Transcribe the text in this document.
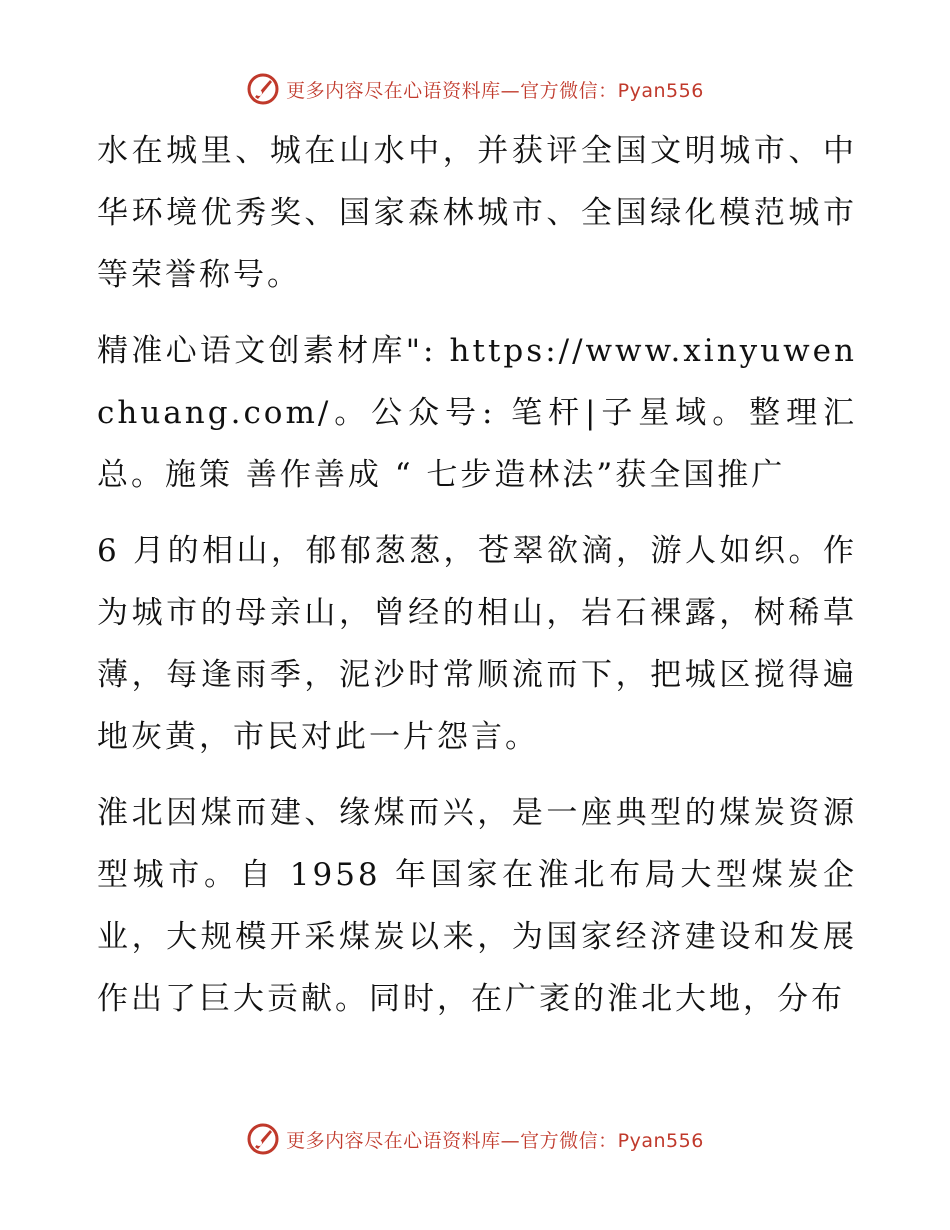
更多内容尽在心语资料库—官方微信：Pyan556

水在城里、城在山水中，并获评全国文明城市、中华环境优秀奖、国家森林城市、全国绿化模范城市等荣誉称号。

精准心语文创素材库": https://www.xinyuwenchuang.com/。公众号: 笔杆|子星域。整理汇总。施策 善作善成 “ 七步造林法”获全国推广

6 月的相山，郁郁葱葱，苍翠欲滴，游人如织。作为城市的母亲山，曾经的相山，岩石裸露，树稀草薄，每逢雨季，泥沙时常顺流而下，把城区搅得遍地灰黄，市民对此一片怨言。

淮北因煤而建、缘煤而兴，是一座典型的煤炭资源型城市。自 1958 年国家在淮北布局大型煤炭企业，大规模开采煤炭以来，为国家经济建设和发展作出了巨大贡献。同时，在广袤的淮北大地，分布

更多内容尽在心语资料库—官方微信：Pyan556
